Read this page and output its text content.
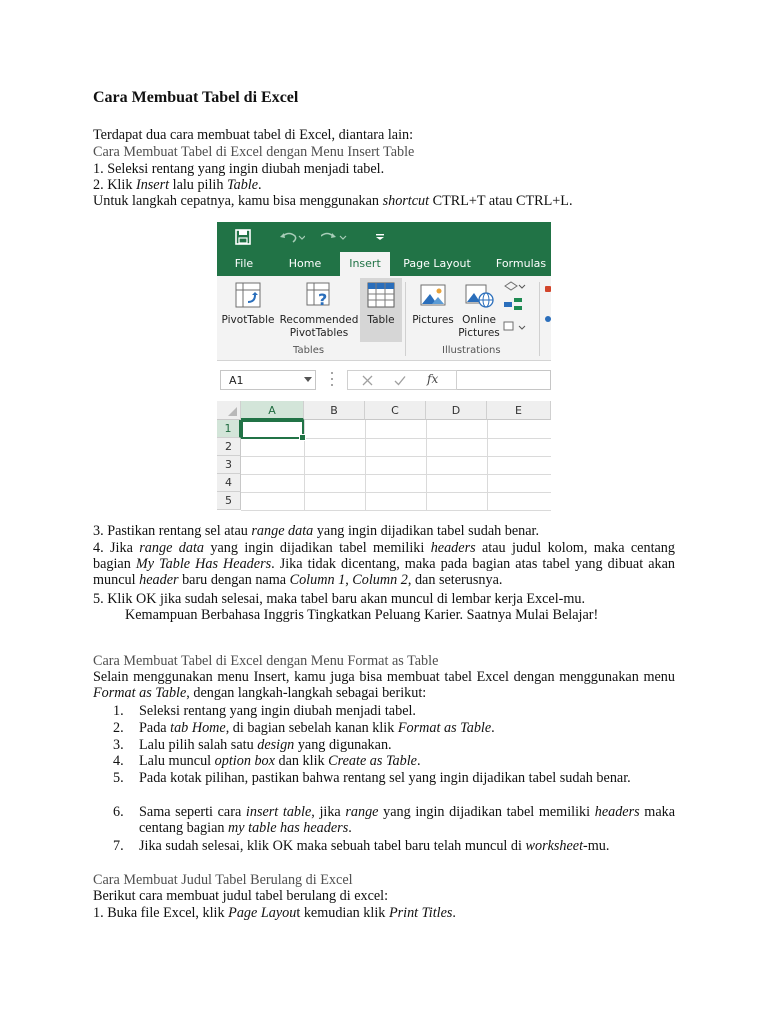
Cara Membuat Tabel di Excel
Terdapat dua cara membuat tabel di Excel, diantara lain:
Cara Membuat Tabel di Excel dengan Menu Insert Table
1. Seleksi rentang yang ingin diubah menjadi tabel.
2. Klik Insert lalu pilih Table.
Untuk langkah cepatnya, kamu bisa menggunakan shortcut CTRL+T atau CTRL+L.
3. Pastikan rentang sel atau range data yang ingin dijadikan tabel sudah benar.
4. Jika range data yang ingin dijadikan tabel memiliki headers atau judul kolom, maka centang bagian My Table Has Headers. Jika tidak dicentang, maka pada bagian atas tabel yang dibuat akan muncul header baru dengan nama Column 1, Column 2, dan seterusnya.
5. Klik OK jika sudah selesai, maka tabel baru akan muncul di lembar kerja Excel-mu.
Kemampuan Berbahasa Inggris Tingkatkan Peluang Karier. Saatnya Mulai Belajar!
Cara Membuat Tabel di Excel dengan Menu Format as Table
Selain menggunakan menu Insert, kamu juga bisa membuat tabel Excel dengan menggunakan menu Format as Table, dengan langkah-langkah sebagai berikut:
1. Seleksi rentang yang ingin diubah menjadi tabel.
2. Pada tab Home, di bagian sebelah kanan klik Format as Table.
3. Lalu pilih salah satu design yang digunakan.
4. Lalu muncul option box dan klik Create as Table.
5. Pada kotak pilihan, pastikan bahwa rentang sel yang ingin dijadikan tabel sudah benar.
6. Sama seperti cara insert table, jika range yang ingin dijadikan tabel memiliki headers maka centang bagian my table has headers.
7. Jika sudah selesai, klik OK maka sebuah tabel baru telah muncul di worksheet-mu.
Cara Membuat Judul Tabel Berulang di Excel
Berikut cara membuat judul tabel berulang di excel:
1. Buka file Excel, klik Page Layout kemudian klik Print Titles.
File	Home	Insert	Page Layout	Formulas
PivotTable
?
Recommended
PivotTables
Table	Pictures Online
Pictures
Tables	Illustrations
A1	fx
A	B	C	D	E
1
2
3
4
5
